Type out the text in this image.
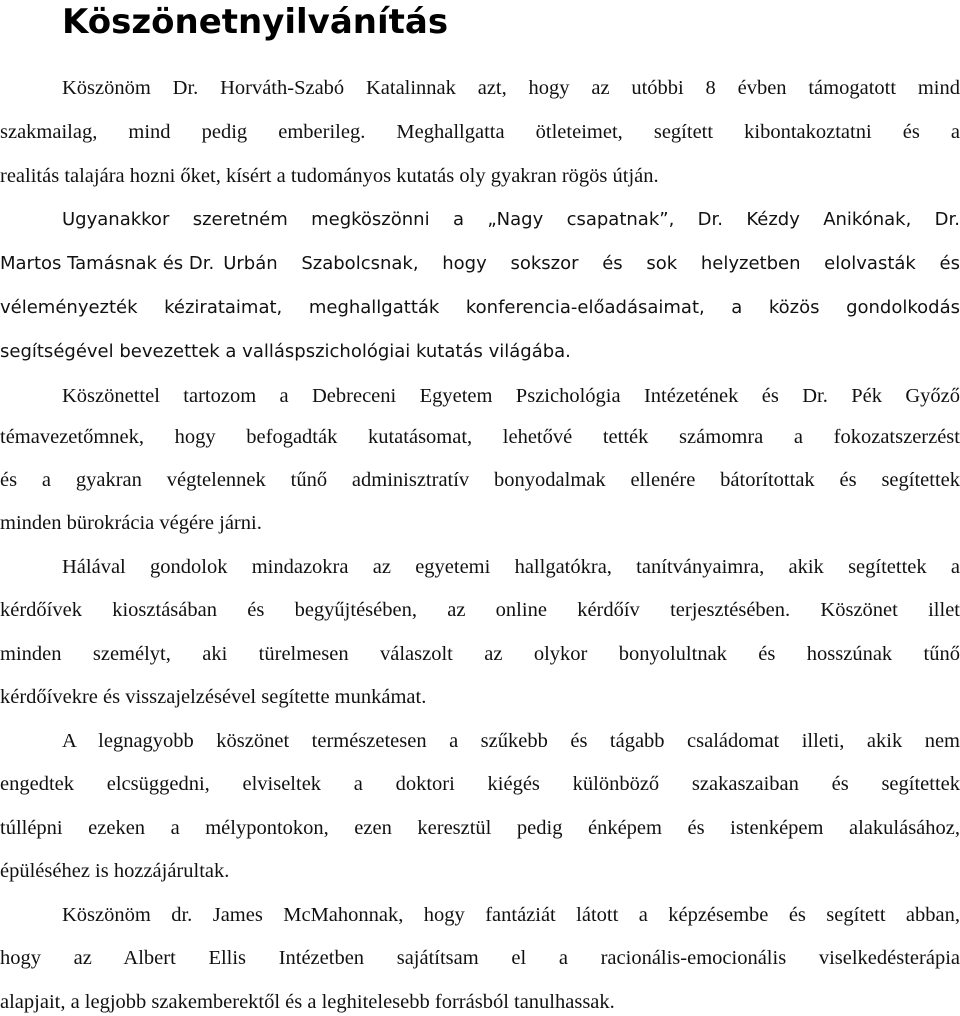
Köszönetnyilvánítás

Köszönöm Dr. Horváth-Szabó Katalinnak azt, hogy az utóbbi 8 évben támogatott mind

szakmailag, mind pedig emberileg. Meghallgatta ötleteimet, segített kibontakoztatni és a

realitás talajára hozni őket, kísért a tudományos kutatás oly gyakran rögös útján.

Ugyanakkor szeretném megköszönni a „Nagy csapatnak”, Dr. Kézdy Anikónak, Dr.

Martos Tamásnak és Dr. Urbán Szabolcsnak, hogy sokszor és sok helyzetben elolvasták és

véleményezték kézirataimat, meghallgatták konferencia-előadásaimat, a közös gondolkodás

segítségével bevezettek a valláspszichológiai kutatás világába.

Köszönettel tartozom a Debreceni Egyetem Pszichológia Intézetének és Dr. Pék Győző

témavezetőmnek, hogy befogadták kutatásomat, lehetővé tették számomra a fokozatszerzést

és a gyakran végtelennek tűnő adminisztratív bonyodalmak ellenére bátorítottak és segítettek

minden bürokrácia végére járni.

Hálával gondolok mindazokra az egyetemi hallgatókra, tanítványaimra, akik segítettek a

kérdőívek kiosztásában és begyűjtésében, az online kérdőív terjesztésében. Köszönet illet

minden személyt, aki türelmesen válaszolt az olykor bonyolultnak és hosszúnak tűnő

kérdőívekre és visszajelzésével segítette munkámat.

A legnagyobb köszönet természetesen a szűkebb és tágabb családomat illeti, akik nem

engedtek elcsüggedni, elviseltek a doktori kiégés különböző szakaszaiban és segítettek

túllépni ezeken a mélypontokon, ezen keresztül pedig énképem és istenképem alakulásához,

épüléséhez is hozzájárultak.

Köszönöm dr. James McMahonnak, hogy fantáziát látott a képzésembe és segített abban,

hogy az Albert Ellis Intézetben sajátítsam el a racionális-emocionális viselkedésterápia

alapjait, a legjobb szakemberektől és a leghitelesebb forrásból tanulhassak.
